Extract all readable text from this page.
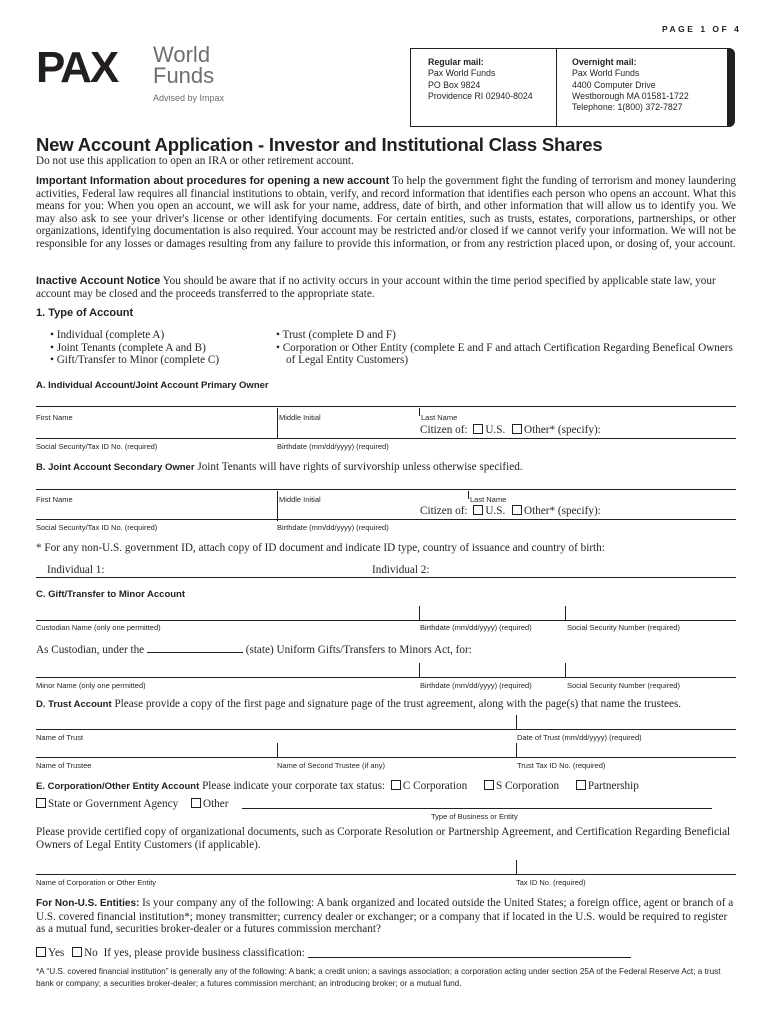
PAGE 1 OF 4
PAX World
Funds
Advised by Impax
Regular mail:
Pax World Funds
PO Box 9824
Providence RI 02940-8024
Overnight mail:
Pax World Funds
4400 Computer Drive
Westborough MA 01581-1722
Telephone: 1(800) 372-7827
New Account Application - Investor and Institutional Class Shares
Do not use this application to open an IRA or other retirement account.
Important Information about procedures for opening a new account To help the government fight the funding of terrorism and money laundering activities, Federal law requires all financial institutions to obtain, verify, and record information that identifies each person who opens an account. What this means for you: When you open an account, we will ask for your name, address, date of birth, and other information that will allow us to identify you. We may also ask to see your driver's license or other identifying documents. For certain entities, such as trusts, estates, corporations, partnerships, or other organizations, identifying documentation is also required. Your account may be restricted and/or closed if we cannot verify your information. We will not be responsible for any losses or damages resulting from any failure to provide this information, or from any restriction placed upon, or dosing of, your account.
Inactive Account Notice You should be aware that if no activity occurs in your account within the time period specified by applicable state law, your account may be closed and the proceeds transferred to the appropriate state.
1. Type of Account
• Individual (complete A)
• Joint Tenants (complete A and B)
• Gift/Transfer to Minor (complete C)
• Trust (complete D and F)
• Corporation or Other Entity (complete E and F and attach Certification Regarding Benefical Owners of Legal Entity Customers)
A. Individual Account/Joint Account Primary Owner
First Name	Middle Initial	Last Name
Citizen of: U.S. Other* (specify):
Social Security/Tax ID No. (required)	Birthdate (mm/dd/yyyy) (required)
B. Joint Account Secondary Owner Joint Tenants will have rights of survivorship unless otherwise specified.
First Name	Middle Initial	Last Name
Citizen of: U.S. Other* (specify):
Social Security/Tax ID No. (required)	Birthdate (mm/dd/yyyy) (required)
* For any non-U.S. government ID, attach copy of ID document and indicate ID type, country of issuance and country of birth:
Individual 1:	Individual 2:
C. Gift/Transfer to Minor Account
Custodian Name (only one permitted)	Birthdate (mm/dd/yyyy) (required)	Social Security Number (required)
As Custodian, under the	(state) Uniform Gifts/Transfers to Minors Act, for:
Minor Name (only one permitted)	Birthdate (mm/dd/yyyy) (required)	Social Security Number (required)
D. Trust Account Please provide a copy of the first page and signature page of the trust agreement, along with the page(s) that name the trustees.
Name of Trust	Date of Trust (mm/dd/yyyy) (required)
Name of Trustee	Name of Second Trustee (if any)	Trust Tax ID No. (required)
E. Corporation/Other Entity Account Please indicate your corporate tax status: C Corporation	S Corporation	Partnership
State or Government Agency Other
Type of Business or Entity
Please provide certified copy of organizational documents, such as Corporate Resolution or Partnership Agreement, and Certification Regarding Beneficial Owners of Legal Entity Customers (if applicable).
Name of Corporation or Other Entity	Tax ID No. (required)
For Non-U.S. Entities: Is your company any of the following: A bank organized and located outside the United States; a foreign office, agent or branch of a U.S. covered financial institution*; money transmitter; currency dealer or exchanger; or a company that if located in the U.S. would be required to register as a mutual fund, securities broker-dealer or a futures commission merchant?
Yes No If yes, please provide business classification:
*A “U.S. covered financial institution” is generally any of the following: A bank; a credit union; a savings association; a corporation acting under section 25A of the Federal Reserve Act; a trust bank or company; a securities broker-dealer; a futures commission merchant; an introducing broker; or a mutual fund.
